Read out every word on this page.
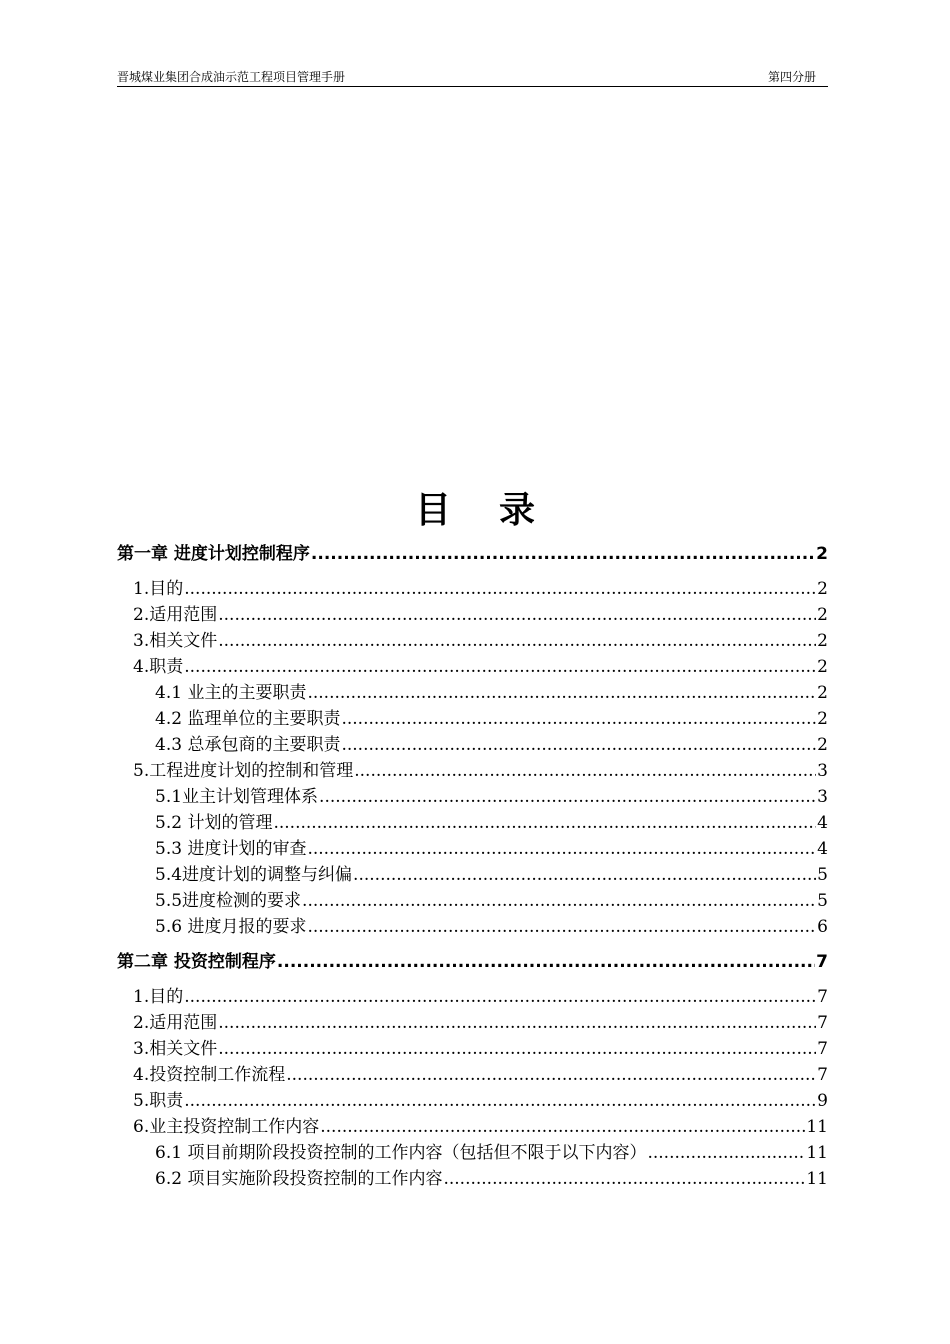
晋城煤业集团合成油示范工程项目管理手册	第四分册
目录
第一章 进度计划控制程序 .....	2
1.目的 .....	2
2.适用范围 .....	2
3.相关文件 .....	2
4.职责 .....	2
4.1 业主的主要职责 .....	2
4.2 监理单位的主要职责 .....	2
4.3 总承包商的主要职责 .....	2
5.工程进度计划的控制和管理 .....	3
5.1业主计划管理体系 .....	3
5.2 计划的管理 .....	4
5.3 进度计划的审查 .....	4
5.4进度计划的调整与纠偏 .....	5
5.5进度检测的要求 .....	5
5.6 进度月报的要求 .....	6
第二章 投资控制程序 .....	7
1.目的 .....	7
2.适用范围 .....	7
3.相关文件 .....	7
4.投资控制工作流程 .....	7
5.职责 .....	9
6.业主投资控制工作内容 .....	11
6.1 项目前期阶段投资控制的工作内容（包括但不限于以下内容） .....	11
6.2 项目实施阶段投资控制的工作内容 .....	11
